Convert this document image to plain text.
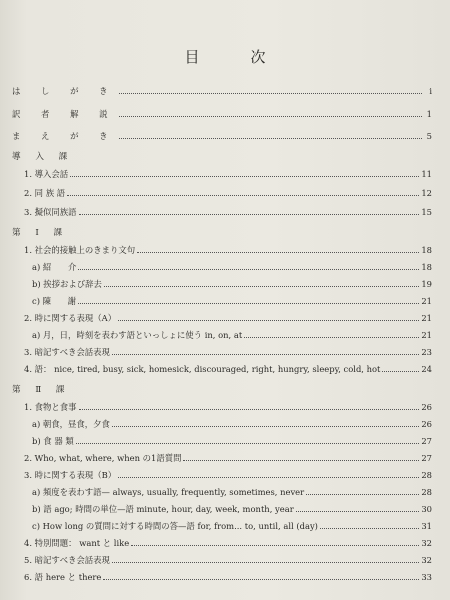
目　次
は し が き	i
訳 者 解 説	1
ま え が き	5
導 入 課
1. 導入会話	11
2. 同 族 語	12
3. 擬似同族語	15
第 Ⅰ 課
1. 社会的接触上のきまり文句	18
a) 紹　　介	18
b) 挨拶および辞去	19
c) 陳　　謝	21
2. 時に関する表現（A）	21
a) 月，日，時刻を表わす語といっしょに使う in, on, at	21
3. 暗記すべき会話表現	23
4. 語： nice, tired, busy, sick, homesick, discouraged, right, hungry, sleepy, cold, hot	24
第 Ⅱ 課
1. 食物と食事	26
a) 朝食，昼食，夕食	26
b) 食 器 類	27
2. Who, what, where, when の1語質問	27
3. 時に関する表現（B）	28
a) 頻度を表わす語— always, usually, frequently, sometimes, never	28
b) 語 ago; 時間の単位—語 minute, hour, day, week, month, year	30
c) How long の質問に対する時間の答—語 for, from... to, until, all (day)	31
4. 特別問題： want と like	32
5. 暗記すべき会話表現	32
6. 語 here と there	33
